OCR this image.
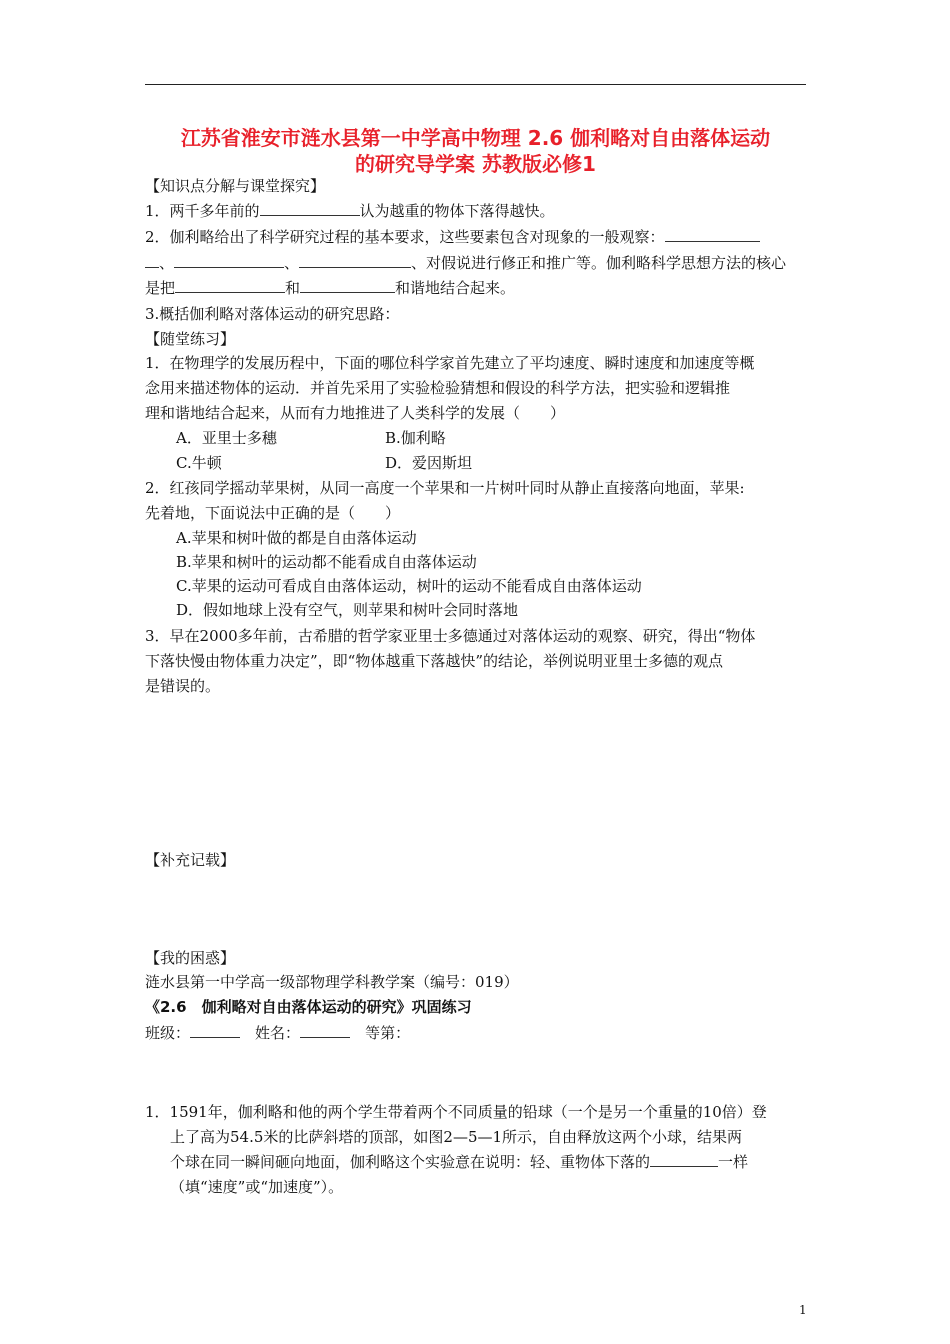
江苏省淮安市涟水县第一中学高中物理 2.6 伽利略对自由落体运动
的研究导学案 苏教版必修1
【知识点分解与课堂探究】
1．两千多年前的	认为越重的物体下落得越快。
2．伽利略给出了科学研究过程的基本要求，这些要素包含对现象的一般观察：
、	、	、对假说进行修正和推广等。伽利略科学思想方法的核心
是把	和	和谐地结合起来。
3.概括伽利略对落体运动的研究思路：
【随堂练习】
1．在物理学的发展历程中，下面的哪位科学家首先建立了平均速度、瞬时速度和加速度等概
念用来描述物体的运动．并首先采用了实验检验猜想和假设的科学方法，把实验和逻辑推
理和谐地结合起来，从而有力地推进了人类科学的发展（　　）
A．亚里士多穗	B.伽利略
C.牛顿	D．爱因斯坦
2．红孩同学摇动苹果树，从同一高度一个苹果和一片树叶同时从静止直接落向地面，苹果:
先着地，下面说法中正确的是（　　）
A.苹果和树叶做的都是自由落体运动
B.苹果和树叶的运动都不能看成自由落体运动
C.苹果的运动可看成自由落体运动，树叶的运动不能看成自由落体运动
D．假如地球上没有空气，则苹果和树叶会同时落地
3．早在2000多年前，古希腊的哲学家亚里士多德通过对落体运动的观察、研究，得出“物体
下落快慢由物体重力决定”，即“物体越重下落越快”的结论，举例说明亚里士多德的观点
是错误的。
【补充记载】
【我的困惑】
涟水县第一中学高一级部物理学科教学案（编号：019）
《2.6　伽利略对自由落体运动的研究》巩固练习
班级：　	姓名：　	等第：
1．1591年，伽利略和他的两个学生带着两个不同质量的铅球（一个是另一个重量的10倍）登
上了高为54.5米的比萨斜塔的顶部，如图2—5—1所示，自由释放这两个小球，结果两
个球在同一瞬间砸向地面，伽利略这个实验意在说明：轻、重物体下落的	一样
（填“速度”或“加速度”）。
1
